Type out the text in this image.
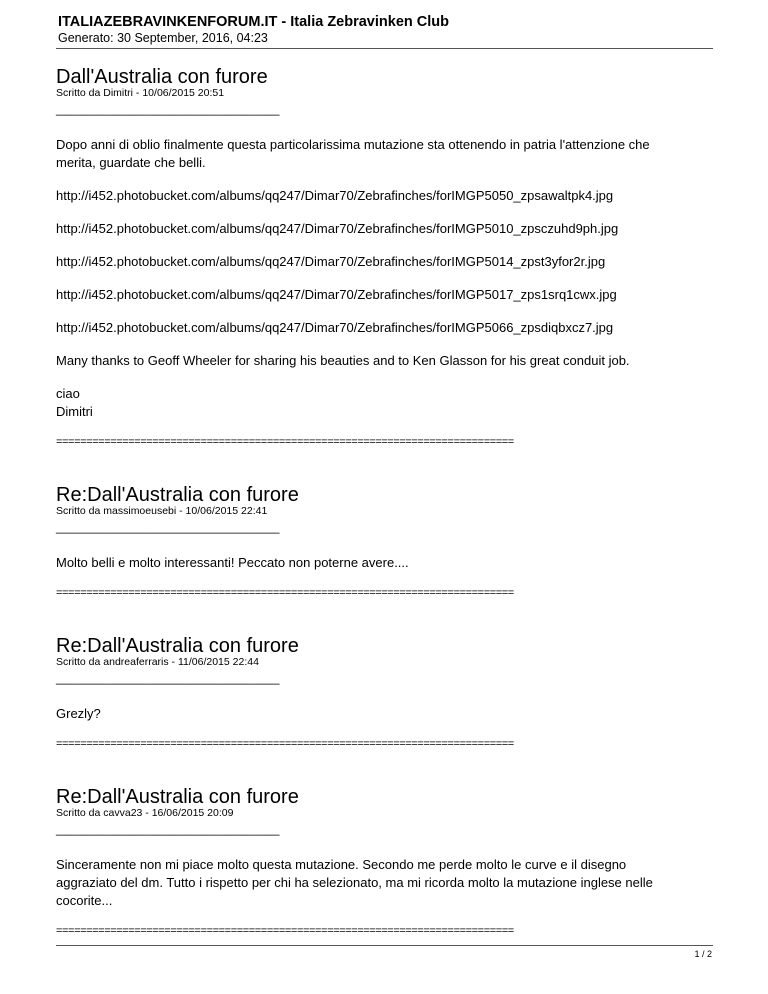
ITALIAZEBRAVINKENFORUM.IT - Italia Zebravinken Club
Generato: 30 September, 2016, 04:23
Dall'Australia con furore
Scritto da Dimitri - 10/06/2015 20:51
_________________________________

Dopo anni di oblio finalmente questa particolarissima mutazione sta ottenendo in patria l'attenzione che
merita, guardate che belli.

http://i452.photobucket.com/albums/qq247/Dimar70/Zebrafinches/forIMGP5050_zpsawaltpk4.jpg

http://i452.photobucket.com/albums/qq247/Dimar70/Zebrafinches/forIMGP5010_zpsczuhd9ph.jpg

http://i452.photobucket.com/albums/qq247/Dimar70/Zebrafinches/forIMGP5014_zpst3yfor2r.jpg

http://i452.photobucket.com/albums/qq247/Dimar70/Zebrafinches/forIMGP5017_zps1srq1cwx.jpg

http://i452.photobucket.com/albums/qq247/Dimar70/Zebrafinches/forIMGP5066_zpsdiqbxcz7.jpg

Many thanks to Geoff Wheeler for sharing his beauties and to Ken Glasson for his great conduit job.

ciao
Dimitri

============================================================================
Re:Dall'Australia con furore
Scritto da massimoeusebi - 10/06/2015 22:41
_________________________________

Molto belli e molto interessanti! Peccato non poterne avere....

============================================================================
Re:Dall'Australia con furore
Scritto da andreaferraris - 11/06/2015 22:44
_________________________________

Grezly?

============================================================================
Re:Dall'Australia con furore
Scritto da cavva23 - 16/06/2015 20:09
_________________________________

Sinceramente non mi piace molto questa mutazione. Secondo me perde molto le curve e il disegno
aggraziato del dm. Tutto i rispetto per chi ha selezionato, ma mi ricorda molto la mutazione inglese nelle
cocorite...

============================================================================
1 / 2
